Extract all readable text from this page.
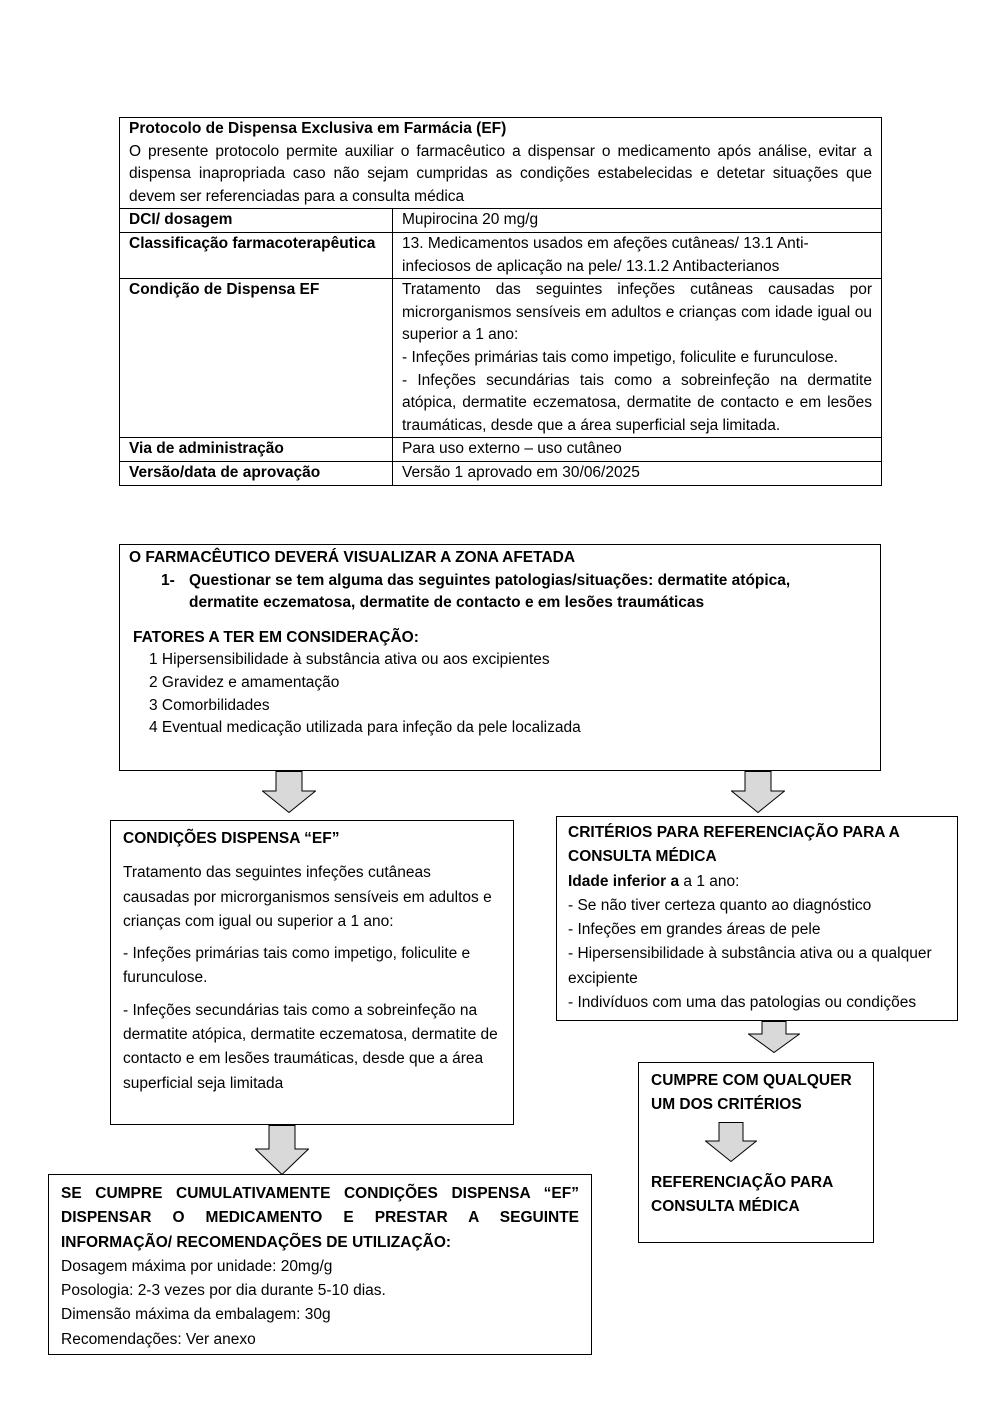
Protocolo de Dispensa Exclusiva em Farmácia (EF)
O presente protocolo permite auxiliar o farmacêutico a dispensar o medicamento após análise, evitar a dispensa inapropriada caso não sejam cumpridas as condições estabelecidas e detetar situações que devem ser referenciadas para a consulta médica	

DCI/ dosagem	Mupirocina 20 mg/g
Classificação farmacoterapêutica	13. Medicamentos usados em afeções cutâneas/ 13.1 Anti-infeciosos de aplicação na pele/ 13.1.2 Antibacterianos
Condição de Dispensa EF	Tratamento das seguintes infeções cutâneas causadas por microrganismos sensíveis em adultos e crianças com idade igual ou superior a 1 ano:
- Infeções primárias tais como impetigo, foliculite e furunculose.
- Infeções secundárias tais como a sobreinfeção na dermatite atópica, dermatite eczematosa, dermatite de contacto e em lesões traumáticas, desde que a área superficial seja limitada.

Via de administração	Para uso externo – uso cutâneo
Versão/data de aprovação	Versão 1 aprovado em 30/06/2025
O FARMACÊUTICO DEVERÁ VISUALIZAR A ZONA AFETADA
1- Questionar se tem alguma das seguintes patologias/situações: dermatite atópica, dermatite eczematosa, dermatite de contacto e em lesões traumáticas
FATORES A TER EM CONSIDERAÇÃO:
1 Hipersensibilidade à substância ativa ou aos excipientes
2 Gravidez e amamentação
3 Comorbilidades
4 Eventual medicação utilizada para infeção da pele localizada
CONDIÇÕES DISPENSA “EF”
Tratamento das seguintes infeções cutâneas causadas por microrganismos sensíveis em adultos e crianças com igual ou superior a 1 ano:
- Infeções primárias tais como impetigo, foliculite e furunculose.
- Infeções secundárias tais como a sobreinfeção na dermatite atópica, dermatite eczematosa, dermatite de contacto e em lesões traumáticas, desde que a área superficial seja limitada
CRITÉRIOS PARA REFERENCIAÇÃO PARA A CONSULTA MÉDICA
Idade inferior a a 1 ano:
- Se não tiver certeza quanto ao diagnóstico
- Infeções em grandes áreas de pele
- Hipersensibilidade à substância ativa ou a qualquer excipiente
- Indivíduos com uma das patologias ou condições
CUMPRE COM QUALQUER UM DOS CRITÉRIOS
REFERENCIAÇÃO PARA CONSULTA MÉDICA
SE CUMPRE CUMULATIVAMENTE CONDIÇÕES DISPENSA “EF” DISPENSAR O MEDICAMENTO E PRESTAR A SEGUINTE INFORMAÇÃO/ RECOMENDAÇÕES DE UTILIZAÇÃO:
Dosagem máxima por unidade: 20mg/g
Posologia: 2-3 vezes por dia durante 5-10 dias.
Dimensão máxima da embalagem: 30g
Recomendações: Ver anexo
